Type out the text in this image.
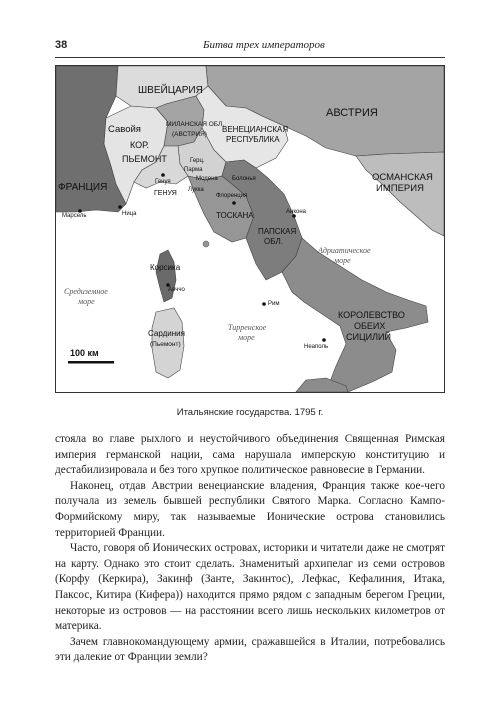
38	Битва трех императоров
ШВЕЙЦАРИЯ
АВСТРИЯ
Савойя
КОР.
ПЬЕМОНТ
МИЛАНСКАЯ ОБЛ.
(АВСТРИЯ)
ВЕНЕЦИАНСКАЯ
РЕСПУБЛИКА
ФРАНЦИЯ
ГЕНУЯ
Генуя
Герц.
Парма
Модена
Лукка
Болонья
Флоренция
Анкона
ТОСКАНА
ПАПСКАЯ
ОБЛ.
ОСМАНСКАЯ
ИМПЕРИЯ
Адриатическое
море
Марсель	Ница
Корсика
Аяччо
Рим
Средиземное
море
Тирренское
море
Сардиния
(Пьемонт)	Неаполь
КОРОЛЕВСТВО
ОБЕИХ
СИЦИЛИЙ
100 км
Итальянские государства. 1795 г.

стояла во главе рыхлого и неустойчивого объединения Священная Римская империя германской нации, сама нарушала имперскую конституцию и дестабилизировала и без того хрупкое политическое равновесие в Германии.

Наконец, отдав Австрии венецианские владения, Франция также кое-чего получала из земель бывшей республики Святого Марка. Согласно Кампо-Формийскому миру, так называемые Ионические острова становились территорией Франции.

Часто, говоря об Ионических островах, историки и читатели даже не смотрят на карту. Однако это стоит сделать. Знаменитый архипелаг из семи островов (Корфу (Керкира), Закинф (Занте, Закинтос), Лефкас, Кефалиния, Итака, Паксос, Китира (Кифера)) находится прямо рядом с западным берегом Греции, некоторые из островов — на расстоянии всего лишь нескольких километров от материка.

Зачем главнокомандующему армии, сражавшейся в Италии, потребовались эти далекие от Франции земли?
